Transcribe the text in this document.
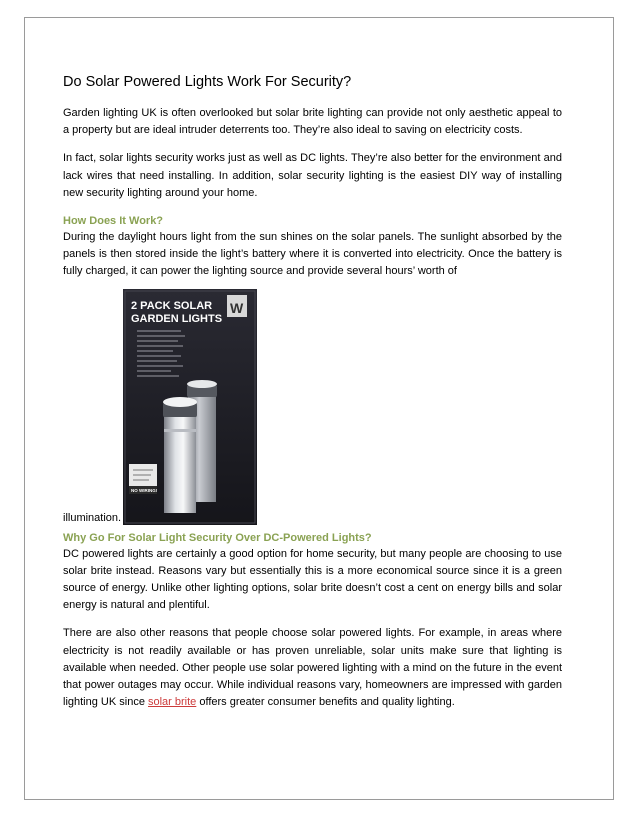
Do Solar Powered Lights Work For Security?

Garden lighting UK is often overlooked but solar brite lighting can provide not only aesthetic appeal to a property but are ideal intruder deterrents too. They’re also ideal to saving on electricity costs.

In fact, solar lights security works just as well as DC lights. They’re also better for the environment and lack wires that need installing. In addition, solar security lighting is the easiest DIY way of installing new security lighting around your home.

How Does It Work?

During the daylight hours light from the sun shines on the solar panels. The sunlight absorbed by the panels is then stored inside the light’s battery where it is converted into electricity. Once the battery is fully charged, it can power the lighting source and provide several hours’ worth of

illumination.
2 PACK SOLAR
GARDEN LIGHTS
W
NO WIRING!
Why Go For Solar Light Security Over DC-Powered Lights?

DC powered lights are certainly a good option for home security, but many people are choosing to use solar brite instead. Reasons vary but essentially this is a more economical source since it is a green source of energy. Unlike other lighting options, solar brite doesn’t cost a cent on energy bills and solar energy is natural and plentiful.

There are also other reasons that people choose solar powered lights. For example, in areas where electricity is not readily available or has proven unreliable, solar units make sure that lighting is available when needed. Other people use solar powered lighting with a mind on the future in the event that power outages may occur. While individual reasons vary, homeowners are impressed with garden lighting UK since solar brite offers greater consumer benefits and quality lighting.
